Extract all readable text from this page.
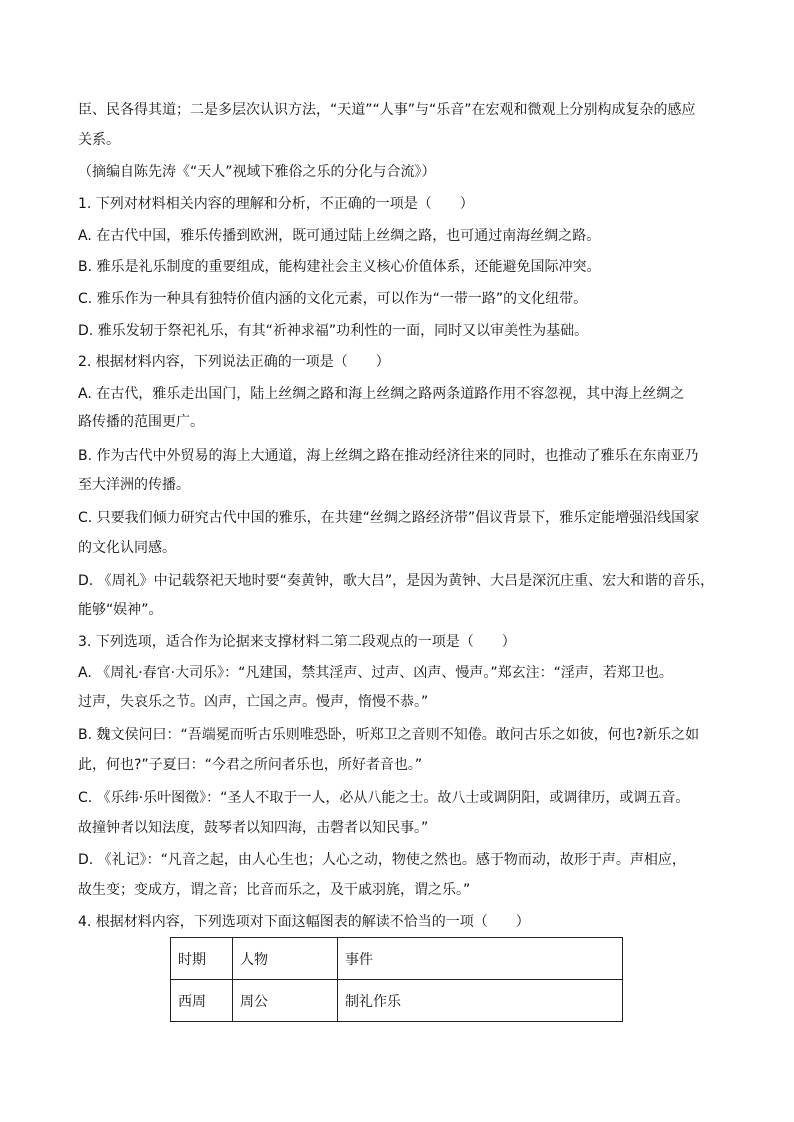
臣、民各得其道；二是多层次认识方法，“天道”“人事”与“乐音”在宏观和微观上分别构成复杂的感应
关系。
（摘编自陈先涛《“天人”视域下雅俗之乐的分化与合流》）
1. 下列对材料相关内容的理解和分析，不正确的一项是（　　）
A. 在古代中国，雅乐传播到欧洲，既可通过陆上丝绸之路，也可通过南海丝绸之路。
B. 雅乐是礼乐制度的重要组成，能构建社会主义核心价值体系，还能避免国际冲突。
C. 雅乐作为一种具有独特价值内涵的文化元素，可以作为“一带一路”的文化纽带。
D. 雅乐发轫于祭祀礼乐，有其“祈神求福”功利性的一面，同时又以审美性为基础。
2. 根据材料内容，下列说法正确的一项是（　　）
A. 在古代，雅乐走出国门，陆上丝绸之路和海上丝绸之路两条道路作用不容忽视，其中海上丝绸之
路传播的范围更广。
B. 作为古代中外贸易的海上大通道，海上丝绸之路在推动经济往来的同时，也推动了雅乐在东南亚乃
至大洋洲的传播。
C. 只要我们倾力研究古代中国的雅乐，在共建“丝绸之路经济带”倡议背景下，雅乐定能增强沿线国家
的文化认同感。
D. 《周礼》中记载祭祀天地时要“奏黄钟，歌大吕”，是因为黄钟、大吕是深沉庄重、宏大和谐的音乐，
能够“娱神”。
3. 下列选项，适合作为论据来支撑材料二第二段观点的一项是（　　）
A. 《周礼·春官·大司乐》：“凡建国，禁其淫声、过声、凶声、慢声。”郑玄注：“淫声，若郑卫也。
过声，失哀乐之节。凶声，亡国之声。慢声，惰慢不恭。”
B. 魏文侯问曰：“吾端冕而听古乐则唯恐卧，听郑卫之音则不知倦。敢问古乐之如彼，何也?新乐之如
此，何也?”子夏曰：“今君之所问者乐也，所好者音也。”
C. 《乐纬·乐叶图徵》：“圣人不取于一人，必从八能之士。故八士或调阴阳，或调律历，或调五音。
故撞钟者以知法度，鼓琴者以知四海，击磬者以知民事。”
D. 《礼记》：“凡音之起，由人心生也；人心之动，物使之然也。感于物而动，故形于声。声相应，
故生变；变成方，谓之音；比音而乐之，及干戚羽旄，谓之乐。”
4. 根据材料内容，下列选项对下面这幅图表的解读不恰当的一项（　　）
时期	人物	事件
西周	周公	制礼作乐
